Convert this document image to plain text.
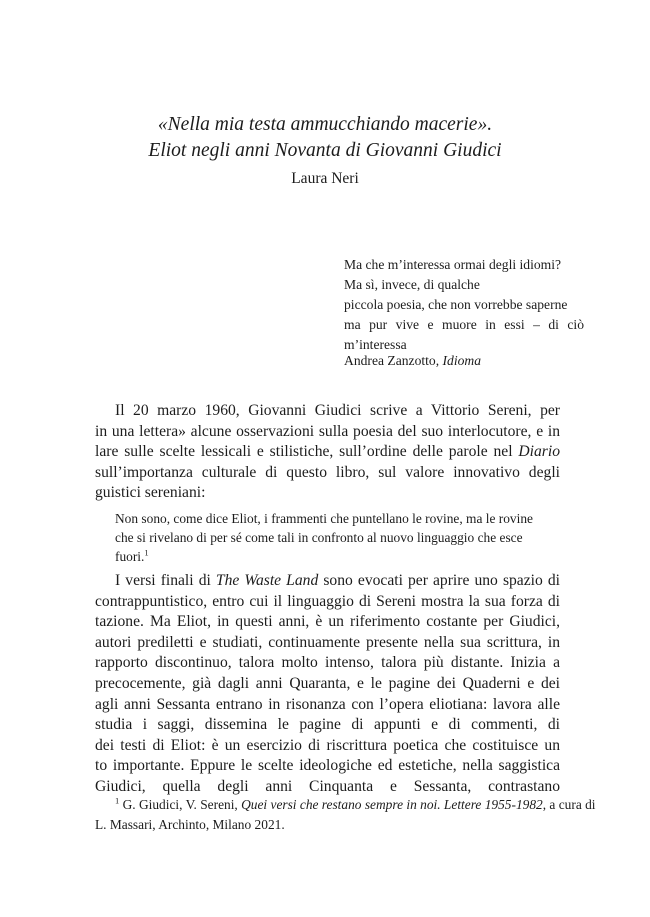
«Nella mia testa ammucchiando macerie».
Eliot negli anni Novanta di Giovanni Giudici
Laura Neri
Ma che m’interessa ormai degli idiomi?
Ma sì, invece, di qualche
piccola poesia, che non vorrebbe saperne
ma pur vive e muore in essi – di ciò
m’interessa
Andrea Zanzotto, Idioma
Il 20 marzo 1960, Giovanni Giudici scrive a Vittorio Sereni, per
in una lettera» alcune osservazioni sulla poesia del suo interlocutore, e in
lare sulle scelte lessicali e stilistiche, sull’ordine delle parole nel Diario
sull’importanza culturale di questo libro, sul valore innovativo degli
guistici sereniani:
Non sono, come dice Eliot, i frammenti che puntellano le rovine, ma le rovine
che si rivelano di per sé come tali in confronto al nuovo linguaggio che esce
fuori.$^1$
I versi finali di The Waste Land sono evocati per aprire uno spazio di
contrappuntistico, entro cui il linguaggio di Sereni mostra la sua forza di
tazione. Ma Eliot, in questi anni, è un riferimento costante per Giudici,
autori prediletti e studiati, continuamente presente nella sua scrittura, in
rapporto discontinuo, talora molto intenso, talora più distante. Inizia a
precocemente, già dagli anni Quaranta, e le pagine dei Quaderni e dei
agli anni Sessanta entrano in risonanza con l’opera eliotiana: lavora alle
studia i saggi, dissemina le pagine di appunti e di commenti, di
dei testi di Eliot: è un esercizio di riscrittura poetica che costituisce un
to importante. Eppure le scelte ideologiche ed estetiche, nella saggistica
Giudici, quella degli anni Cinquanta e Sessanta, contrastano
$^1$ G. Giudici, V. Sereni, Quei versi che restano sempre in noi. Lettere 1955-1982, a cura di
L. Massari, Archinto, Milano 2021.
